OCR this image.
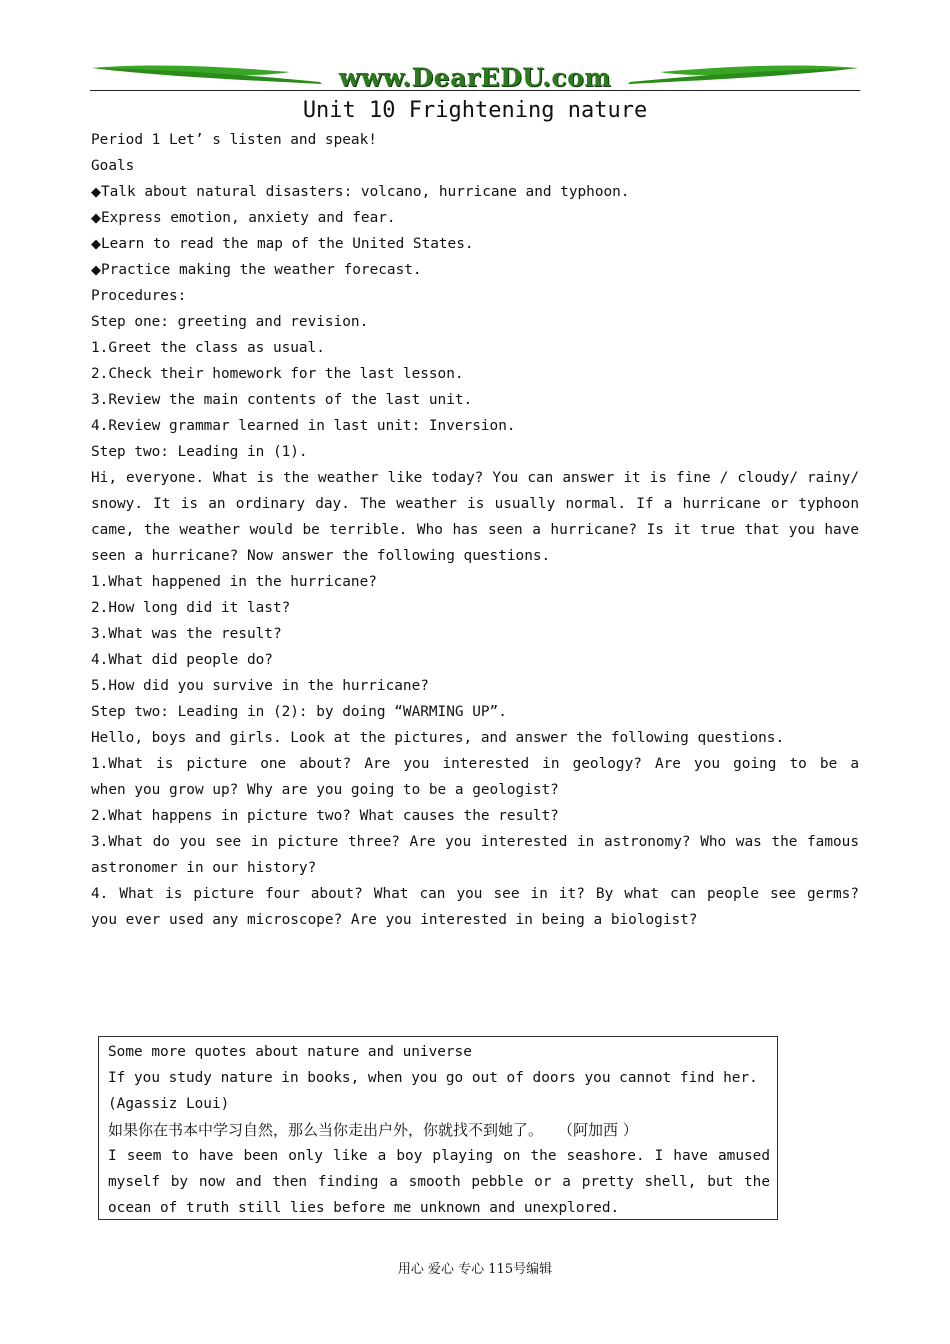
www.DearEDU.com
Unit 10 Frightening nature
Period 1 Let’ s listen and speak!
Goals
◆Talk about natural disasters: volcano, hurricane and typhoon.
◆Express emotion, anxiety and fear.
◆Learn to read the map of the United States.
◆Practice making the weather forecast.
Procedures:
Step one: greeting and revision.
1.Greet the class as usual.
2.Check their homework for the last lesson.
3.Review the main contents of the last unit.
4.Review grammar learned in last unit: Inversion.
Step two: Leading in (1).
Hi, everyone. What is the weather like today? You can answer it is fine / cloudy/ rainy/
snowy. It is an ordinary day. The weather is usually normal. If a hurricane or typhoon
came, the weather would be terrible. Who has seen a hurricane? Is it true that you have
seen a hurricane? Now answer the following questions.
1.What happened in the hurricane?
2.How long did it last?
3.What was the result?
4.What did people do?
5.How did you survive in the hurricane?
Step two: Leading in (2): by doing “WARMING UP”.
Hello, boys and girls. Look at the pictures, and answer the following questions.
1.What is picture one about? Are you interested in geology? Are you going to be a
when you grow up? Why are you going to be a geologist?
2.What happens in picture two? What causes the result?
3.What do you see in picture three? Are you interested in astronomy? Who was the famous
astronomer in our history?
4. What is picture four about? What can you see in it? By what can people see germs?
you ever used any microscope? Are you interested in being a biologist?
Some more quotes about nature and universe
If you study nature in books, when you go out of doors you cannot find her.
(Agassiz Loui)
如果你在书本中学习自然，那么当你走出户外，你就找不到她了。　　（阿加西 ）
I seem to have been only like a boy playing on the seashore. I have amused
myself by now and then finding a smooth pebble or a pretty shell, but the
ocean of truth still lies before me unknown and unexplored.
用心 爱心 专心 115号编辑
